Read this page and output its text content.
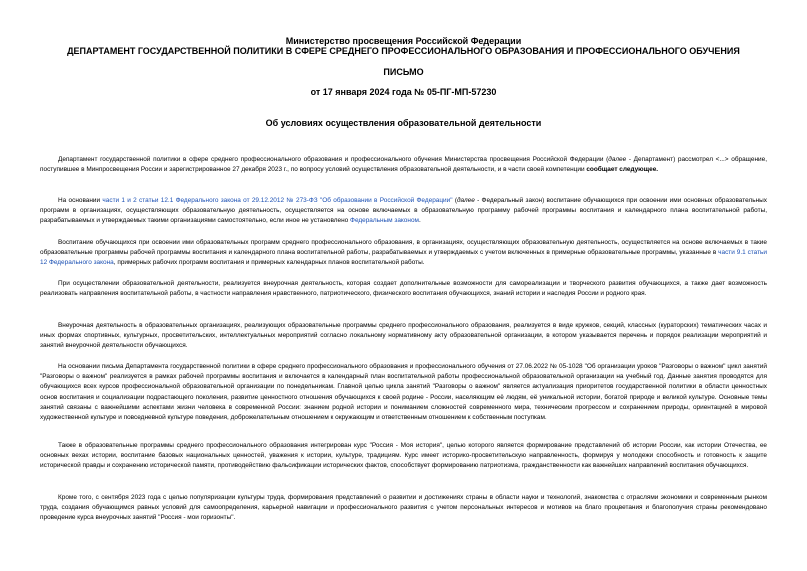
Министерство просвещения Российской Федерации
ДЕПАРТАМЕНТ ГОСУДАРСТВЕННОЙ ПОЛИТИКИ В СФЕРЕ СРЕДНЕГО ПРОФЕССИОНАЛЬНОГО ОБРАЗОВАНИЯ И ПРОФЕССИОНАЛЬНОГО ОБУЧЕНИЯ
ПИСЬМО
от 17 января 2024 года № 05-ПГ-МП-57230
Об условиях осуществления образовательной деятельности

Департамент государственной политики в сфере среднего профессионального образования и профессионального обучения Министерства просвещения Российской Федерации (далее - Департамент) рассмотрел <...> обращение, поступившее в Минпросвещения России и зарегистрированное 27 декабря 2023 г., по вопросу условий осуществления образовательной деятельности, и в части своей компетенции сообщает следующее.

На основании части 1 и 2 статьи 12.1 Федерального закона от 29.12.2012 № 273-ФЗ "Об образовании в Российской Федерации" (далее - Федеральный закон) воспитание обучающихся при освоении ими основных образовательных программ в организациях, осуществляющих образовательную деятельность, осуществляется на основе включаемых в образовательную программу рабочей программы воспитания и календарного плана воспитательной работы, разрабатываемых и утверждаемых такими организациями самостоятельно, если иное не установлено Федеральным законом.

Воспитание обучающихся при освоении ими образовательных программ среднего профессионального образования, в организациях, осуществляющих образовательную деятельность, осуществляется на основе включаемых в такие образовательные программы рабочей программы воспитания и календарного плана воспитательной работы, разрабатываемых и утверждаемых с учетом включенных в примерные образовательные программы, указанные в части 9.1 статьи 12 Федерального закона, примерных рабочих программ воспитания и примерных календарных планов воспитательной работы.

При осуществлении образовательной деятельности, реализуется внеурочная деятельность, которая создает дополнительные возможности для самореализации и творческого развития обучающихся, а также дает возможность реализовать направления воспитательной работы, в частности направления нравственного, патриотического, физического воспитания обучающихся, знаний истории и наследия России и родного края.

Внеурочная деятельность в образовательных организациях, реализующих образовательные программы среднего профессионального образования, реализуется в виде кружков, секций, классных (кураторских) тематических часах и иных формах спортивных, культурных, просветительских, интеллектуальных мероприятий согласно локальному нормативному акту образовательной организации, в котором указывается перечень и порядок реализации мероприятий и занятий внеурочной деятельности обучающихся.

На основании письма Департамента государственной политики в сфере среднего профессионального образования и профессионального обучения от 27.06.2022 № 05-1028 "Об организации уроков "Разговоры о важном" цикл занятий "Разговоры о важном" реализуется в рамках рабочей программы воспитания и включается в календарный план воспитательной работы профессиональной образовательной организации на учебный год. Данные занятия проводятся для обучающихся всех курсов профессиональной образовательной организации по понедельникам. Главной целью цикла занятий "Разговоры о важном" является актуализация приоритетов государственной политики в области ценностных основ воспитания и социализации подрастающего поколения, развитие ценностного отношения обучающихся к своей родине - России, населяющим её людям, её уникальной истории, богатой природе и великой культуре. Основные темы занятий связаны с важнейшими аспектами жизни человека в современной России: знанием родной истории и пониманием сложностей современного мира, техническим прогрессом и сохранением природы, ориентацией в мировой художественной культуре и повседневной культуре поведения, доброжелательным отношением к окружающим и ответственным отношением к собственным поступкам.

Также в образовательные программы среднего профессионального образования интегрирован курс "Россия - Моя история", целью которого является формирование представлений об истории России, как истории Отечества, ее основных вехах истории, воспитание базовых национальных ценностей, уважения к истории, культуре, традициям. Курс имеет историко-просветительскую направленность, формируя у молодежи способность и готовность к защите исторической правды и сохранению исторической памяти, противодействию фальсификации исторических фактов, способствует формированию патриотизма, гражданственности как важнейших направлений воспитания обучающихся.

Кроме того, с сентября 2023 года с целью популяризации культуры труда, формирования представлений о развитии и достижениях страны в области науки и технологий, знакомства с отраслями экономики и современным рынком труда, создания обучающимся равных условий для самоопределения, карьерной навигации и профессионального развития с учетом персональных интересов и мотивов на благо процветания и благополучия страны рекомендовано проведение курса внеурочных занятий "Россия - мои горизонты".
